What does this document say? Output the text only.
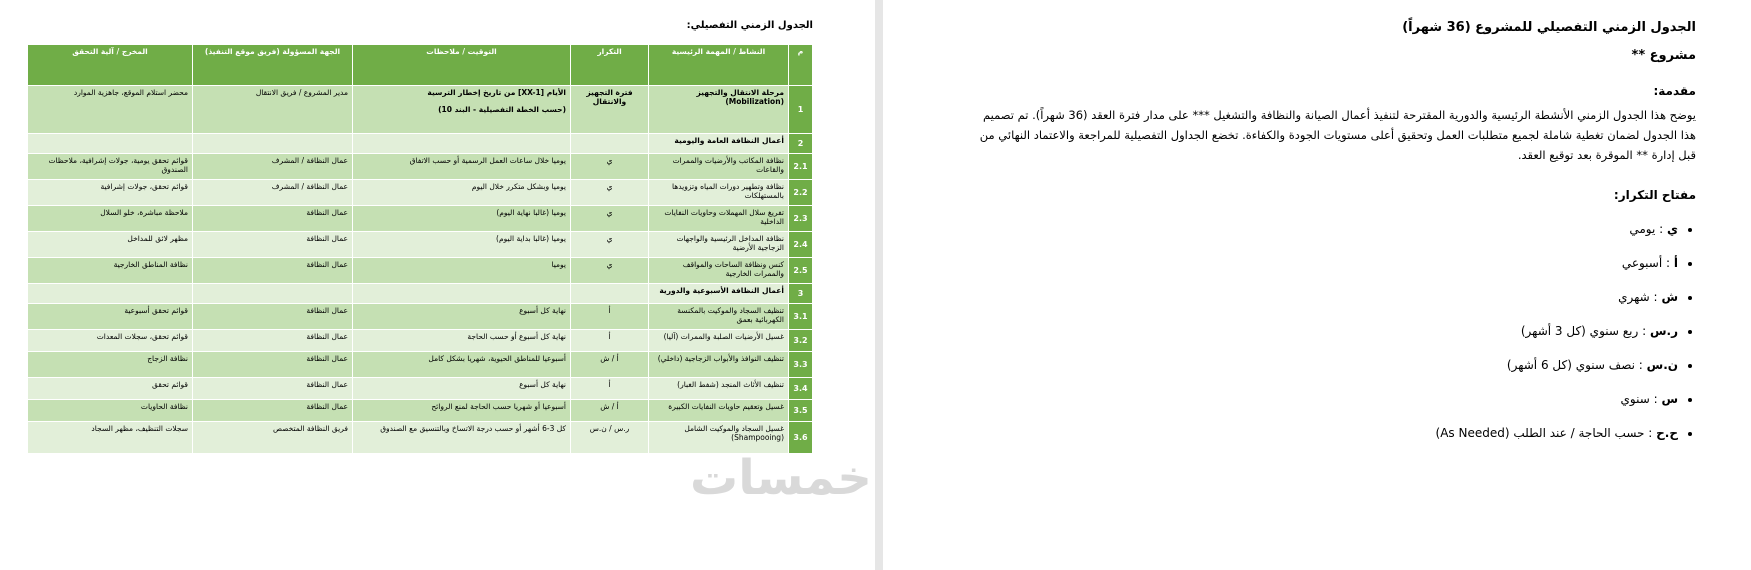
الجدول الزمني التفصيلي:
م	النشاط / المهمة الرئيسية	التكرار	التوقيت / ملاحظات	الجهة المسؤولة (فريق موقع التنفيذ)	المخرج / آلية التحقق
1	مرحلة الانتقال والتجهيز (Mobilization)	فترة التجهيز والانتقال	الأيام [XX-1] من تاريخ إخطار الترسية
(حسب الخطة التفصيلية - البند 10)	مدير المشروع / فريق الانتقال	محضر استلام الموقع، جاهزية الموارد
2	أعمال النظافة العامة واليومية				
2.1	نظافة المكاتب والأرضيات والممرات والقاعات	ي	يوميا خلال ساعات العمل الرسمية أو حسب الاتفاق	عمال النظافة / المشرف	قوائم تحقق يومية، جولات إشرافية، ملاحظات الصندوق
2.2	نظافة وتطهير دورات المياه وتزويدها بالمستهلكات	ي	يوميا وبشكل متكرر خلال اليوم	عمال النظافة / المشرف	قوائم تحقق، جولات إشرافية
2.3	تفريغ سلال المهملات وحاويات النفايات الداخلية	ي	يوميا (غالبا نهاية اليوم)	عمال النظافة	ملاحظة مباشرة، خلو السلال
2.4	نظافة المداخل الرئيسية والواجهات الزجاجية الأرضية	ي	يوميا (غالبا بداية اليوم)	عمال النظافة	مظهر لائق للمداخل
2.5	كنس ونظافة الساحات والمواقف والممرات الخارجية	ي	يوميا	عمال النظافة	نظافة المناطق الخارجية
3	أعمال النظافة الأسبوعية والدورية				
3.1	تنظيف السجاد والموكيت بالمكنسة الكهربائية بعمق	أ	نهاية كل أسبوع	عمال النظافة	قوائم تحقق أسبوعية
3.2	غسيل الأرضيات الصلبة والممرات (آليا)	أ	نهاية كل أسبوع أو حسب الحاجة	عمال النظافة	قوائم تحقق، سجلات المعدات
3.3	تنظيف النوافذ والأبواب الزجاجية (داخلي)	أ / ش	أسبوعيا للمناطق الحيوية، شهريا بشكل كامل	عمال النظافة	نظافة الزجاج
3.4	تنظيف الأثاث المنجد (شفط الغبار)	أ	نهاية كل أسبوع	عمال النظافة	قوائم تحقق
3.5	غسيل وتعقيم حاويات النفايات الكبيرة	أ / ش	أسبوعيا أو شهريا حسب الحاجة لمنع الروائح	عمال النظافة	نظافة الحاويات
3.6	غسيل السجاد والموكيت الشامل (Shampooing)	ر.س / ن.س	كل 3-6 أشهر أو حسب درجة الاتساخ وبالتنسيق مع الصندوق	فريق النظافة المتخصص	سجلات التنظيف، مظهر السجاد
الجدول الزمني التفصيلي للمشروع (36 شهراً)
مشروع **
مقدمة:
يوضح هذا الجدول الزمني الأنشطة الرئيسية والدورية المقترحة لتنفيذ أعمال الصيانة والنظافة والتشغيل *** على مدار فترة العقد (36 شهراً). تم تصميم هذا الجدول لضمان تغطية شاملة لجميع متطلبات العمل وتحقيق أعلى مستويات الجودة والكفاءة. تخضع الجداول التفصيلية للمراجعة والاعتماد النهائي من قبل إدارة ** الموقرة بعد توقيع العقد.
مفتاح التكرار:
• ي : يومي
• أ : أسبوعي
• ش : شهري
• ر.س : ربع سنوي (كل 3 أشهر)
• ن.س : نصف سنوي (كل 6 أشهر)
• س : سنوي
• ح.ح : حسب الحاجة / عند الطلب (As Needed)
خمسات
